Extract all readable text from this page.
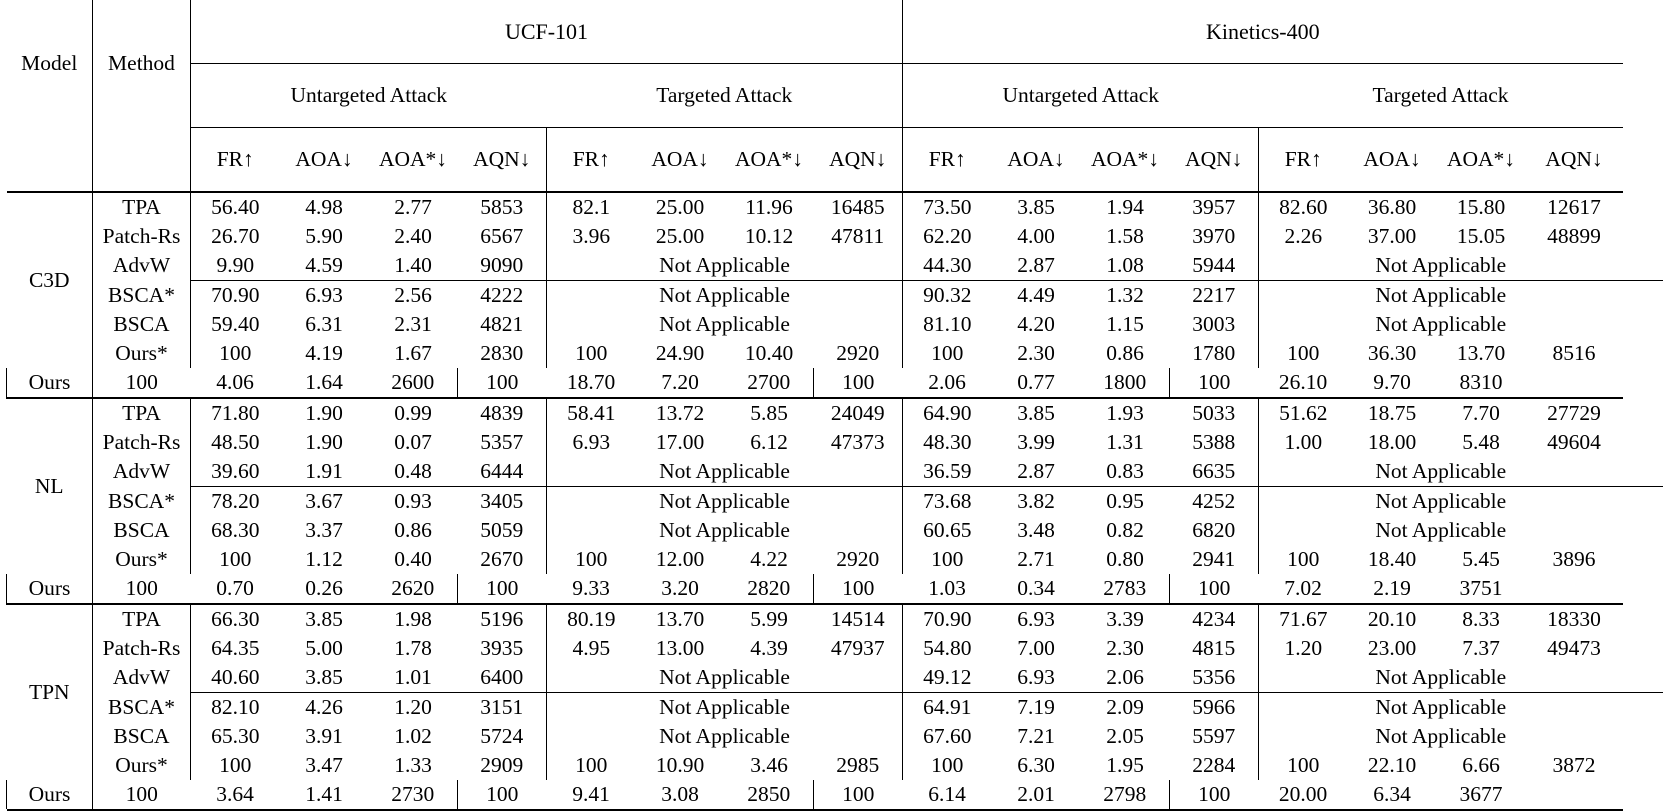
Model	Method	UCF-101								Kinetics-400							
		Untargeted Attack				Targeted Attack				Untargeted Attack				Targeted Attack			
		FR↑	AOA↓	AOA*↓	AQN↓	FR↑	AOA↓	AOA*↓	AQN↓	FR↑	AOA↓	AOA*↓	AQN↓	FR↑	AOA↓	AOA*↓	AQN↓

C3D	TPA	56.40	4.98	2.77	5853	82.1	25.00	11.96	16485	73.50	3.85	1.94	3957	82.60	36.80	15.80	12617
	Patch-Rs	26.70	5.90	2.40	6567	3.96	25.00	10.12	47811	62.20	4.00	1.58	3970	2.26	37.00	15.05	48899
	AdvW	9.90	4.59	1.40	9090	Not Applicable				44.30	2.87	1.08	5944	Not Applicable			

	BSCA*	70.90	6.93	2.56	4222	Not Applicable				90.32	4.49	1.32	2217	Not Applicable			
	BSCA	59.40	6.31	2.31	4821	Not Applicable				81.10	4.20	1.15	3003	Not Applicable			
	Ours*	100	4.19	1.67	2830	100	24.90	10.40	2920	100	2.30	0.86	1780	100	36.30	13.70	8516
Ours	100	4.06	1.64	2600	100	18.70	7.20	2700	100	2.06	0.77	1800	100	26.10	9.70	8310	

NL	TPA	71.80	1.90	0.99	4839	58.41	13.72	5.85	24049	64.90	3.85	1.93	5033	51.62	18.75	7.70	27729
	Patch-Rs	48.50	1.90	0.07	5357	6.93	17.00	6.12	47373	48.30	3.99	1.31	5388	1.00	18.00	5.48	49604
	AdvW	39.60	1.91	0.48	6444	Not Applicable				36.59	2.87	0.83	6635	Not Applicable			

	BSCA*	78.20	3.67	0.93	3405	Not Applicable				73.68	3.82	0.95	4252	Not Applicable			
	BSCA	68.30	3.37	0.86	5059	Not Applicable				60.65	3.48	0.82	6820	Not Applicable			
	Ours*	100	1.12	0.40	2670	100	12.00	4.22	2920	100	2.71	0.80	2941	100	18.40	5.45	3896
Ours	100	0.70	0.26	2620	100	9.33	3.20	2820	100	1.03	0.34	2783	100	7.02	2.19	3751	

TPN	TPA	66.30	3.85	1.98	5196	80.19	13.70	5.99	14514	70.90	6.93	3.39	4234	71.67	20.10	8.33	18330
	Patch-Rs	64.35	5.00	1.78	3935	4.95	13.00	4.39	47937	54.80	7.00	2.30	4815	1.20	23.00	7.37	49473
	AdvW	40.60	3.85	1.01	6400	Not Applicable				49.12	6.93	2.06	5356	Not Applicable			

	BSCA*	82.10	4.26	1.20	3151	Not Applicable				64.91	7.19	2.09	5966	Not Applicable			
	BSCA	65.30	3.91	1.02	5724	Not Applicable				67.60	7.21	2.05	5597	Not Applicable			
	Ours*	100	3.47	1.33	2909	100	10.90	3.46	2985	100	6.30	1.95	2284	100	22.10	6.66	3872
Ours	100	3.64	1.41	2730	100	9.41	3.08	2850	100	6.14	2.01	2798	100	20.00	6.34	3677	
